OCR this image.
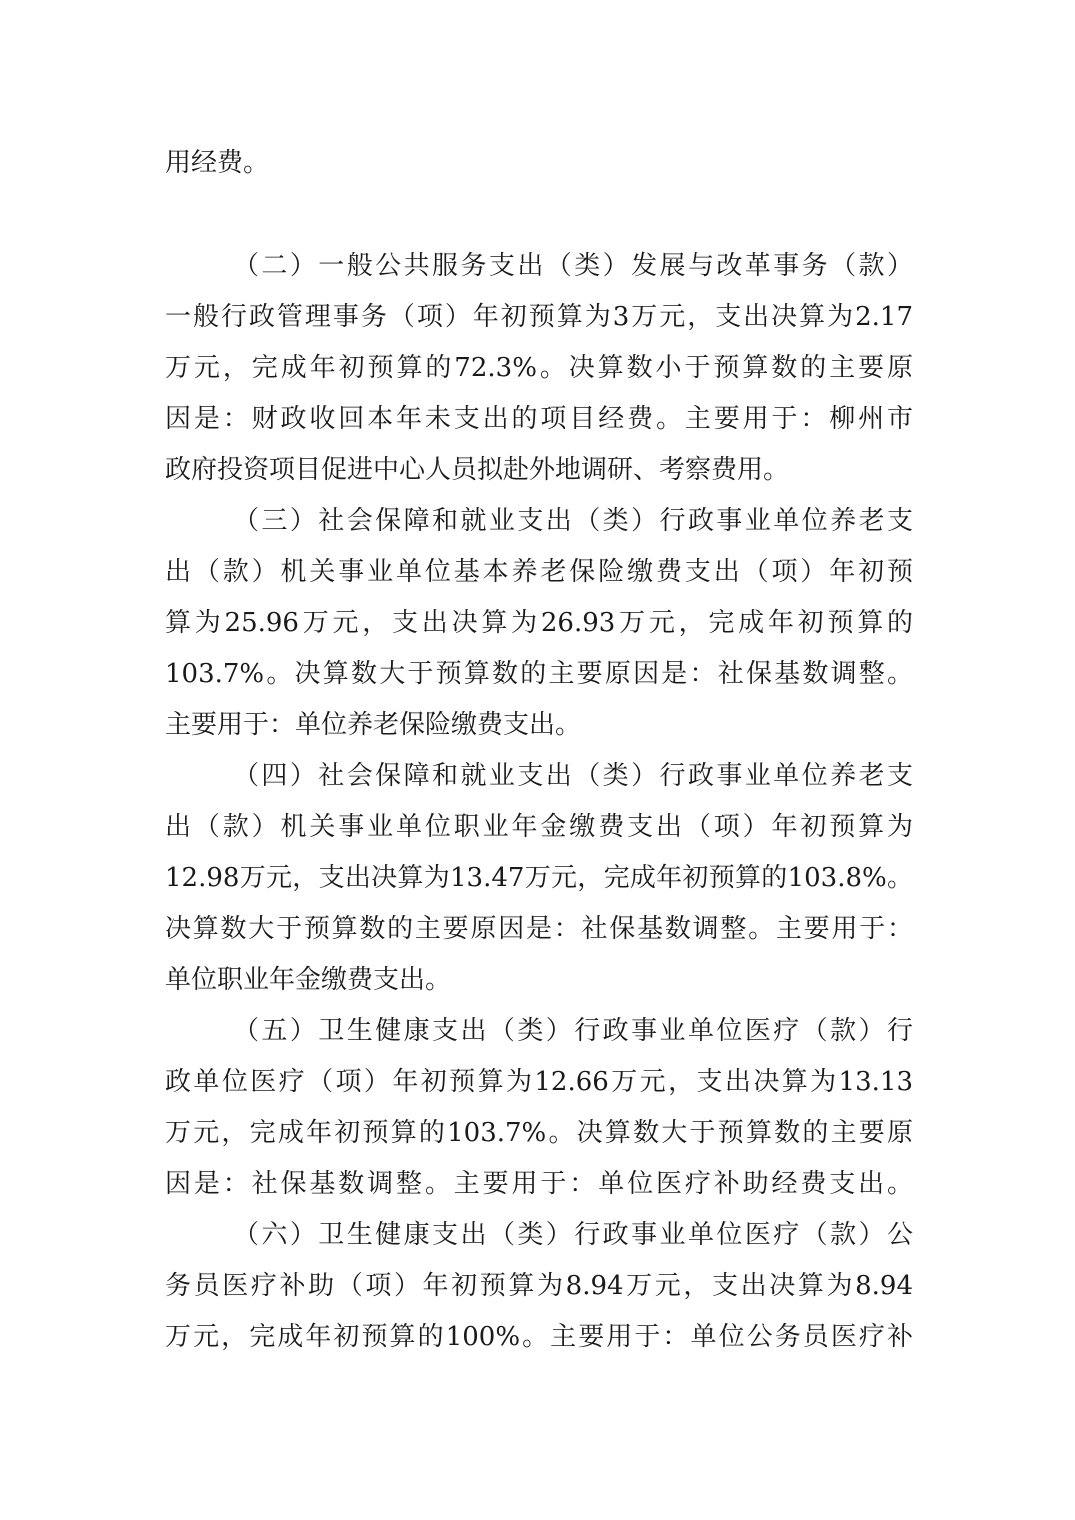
用经费。
（二）一般公共服务支出（类）发展与改革事务（款）
一般行政管理事务（项）年初预算为3万元，支出决算为2.17
万元，完成年初预算的72.3%。决算数小于预算数的主要原
因是：财政收回本年未支出的项目经费。主要用于：柳州市
政府投资项目促进中心人员拟赴外地调研、考察费用。
（三）社会保障和就业支出（类）行政事业单位养老支
出（款）机关事业单位基本养老保险缴费支出（项）年初预
算为25.96万元，支出决算为26.93万元，完成年初预算的
103.7%。决算数大于预算数的主要原因是：社保基数调整。
主要用于：单位养老保险缴费支出。
（四）社会保障和就业支出（类）行政事业单位养老支
出（款）机关事业单位职业年金缴费支出（项）年初预算为
12.98万元，支出决算为13.47万元，完成年初预算的103.8%。
决算数大于预算数的主要原因是：社保基数调整。主要用于：
单位职业年金缴费支出。
（五）卫生健康支出（类）行政事业单位医疗（款）行
政单位医疗（项）年初预算为12.66万元，支出决算为13.13
万元，完成年初预算的103.7%。决算数大于预算数的主要原
因是：社保基数调整。主要用于：单位医疗补助经费支出。
（六）卫生健康支出（类）行政事业单位医疗（款）公
务员医疗补助（项）年初预算为8.94万元，支出决算为8.94
万元，完成年初预算的100%。主要用于：单位公务员医疗补
